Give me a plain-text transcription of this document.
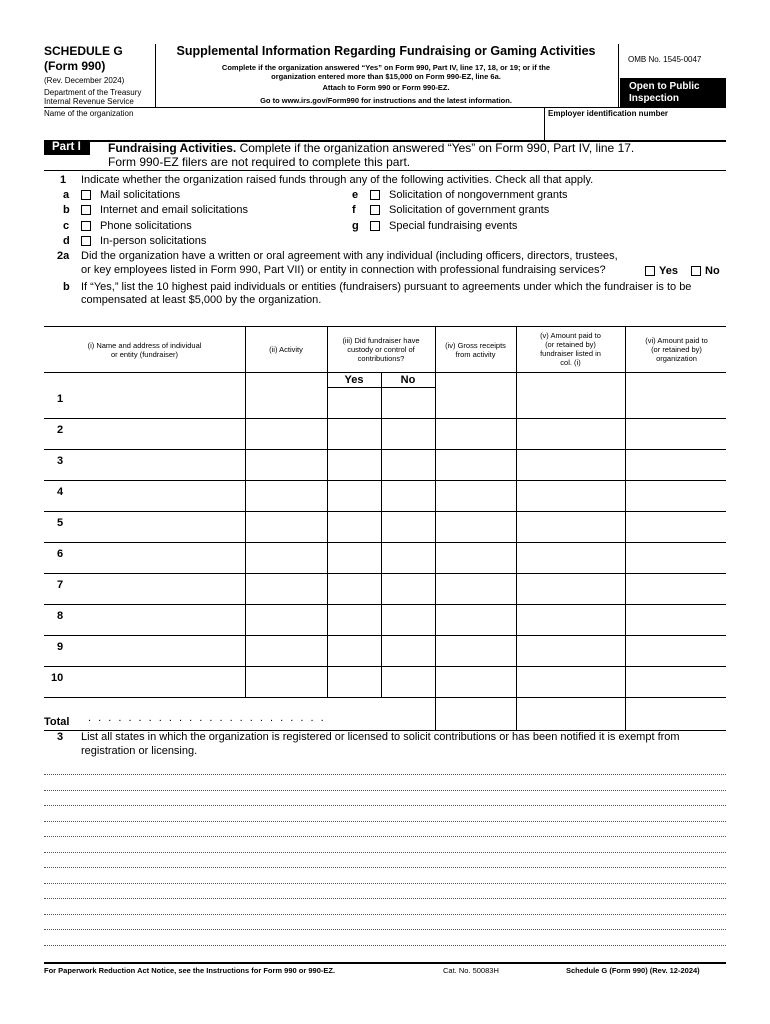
SCHEDULE G
(Form 990)
(Rev. December 2024)
Department of the Treasury
Internal Revenue Service
Supplemental Information Regarding Fundraising or Gaming Activities
Complete if the organization answered “Yes” on Form 990, Part IV, line 17, 18, or 19; or if the
organization entered more than $15,000 on Form 990-EZ, line 6a.
Attach to Form 990 or Form 990-EZ.
Go to www.irs.gov/Form990 for instructions and the latest information.
OMB No. 1545-0047
Open to Public
Inspection
Name of the organization	Employer identification number
Part I Fundraising Activities. Complete if the organization answered “Yes” on Form 990, Part IV, line 17.
Form 990-EZ filers are not required to complete this part.
1 Indicate whether the organization raised funds through any of the following activities. Check all that apply.
a	Mail solicitations
b	Internet and email solicitations
c	Phone solicitations
d	In-person solicitations
e	Solicitation of nongovernment grants
f	Solicitation of government grants
g	Special fundraising events
2a Did the organization have a written or oral agreement with any individual (including officers, directors, trustees,
or key employees listed in Form 990, Part VII) or entity in connection with professional fundraising services?	Yes No
b If “Yes,” list the 10 highest paid individuals or entities (fundraisers) pursuant to agreements under which the fundraiser is to be
compensated at least $5,000 by the organization.
(i) Name and address of individual
or entity (fundraiser)
(ii) Activity
(iii) Did fundraiser have
custody or control of
contributions?
(iv) Gross receipts
from activity
(v) Amount paid to
(or retained by)
fundraiser listed in
col. (i)
(vi) Amount paid to
(or retained by)
organization
Yes	No
1
2
3
4
5
6
7
8
9
10
Total . . . . . . . . . . . . . . . . . . . . . . . .
3 List all states in which the organization is registered or licensed to solicit contributions or has been notified it is exempt from
registration or licensing.
For Paperwork Reduction Act Notice, see the Instructions for Form 990 or 990-EZ.	Cat. No. 50083H	Schedule G (Form 990) (Rev. 12-2024)
